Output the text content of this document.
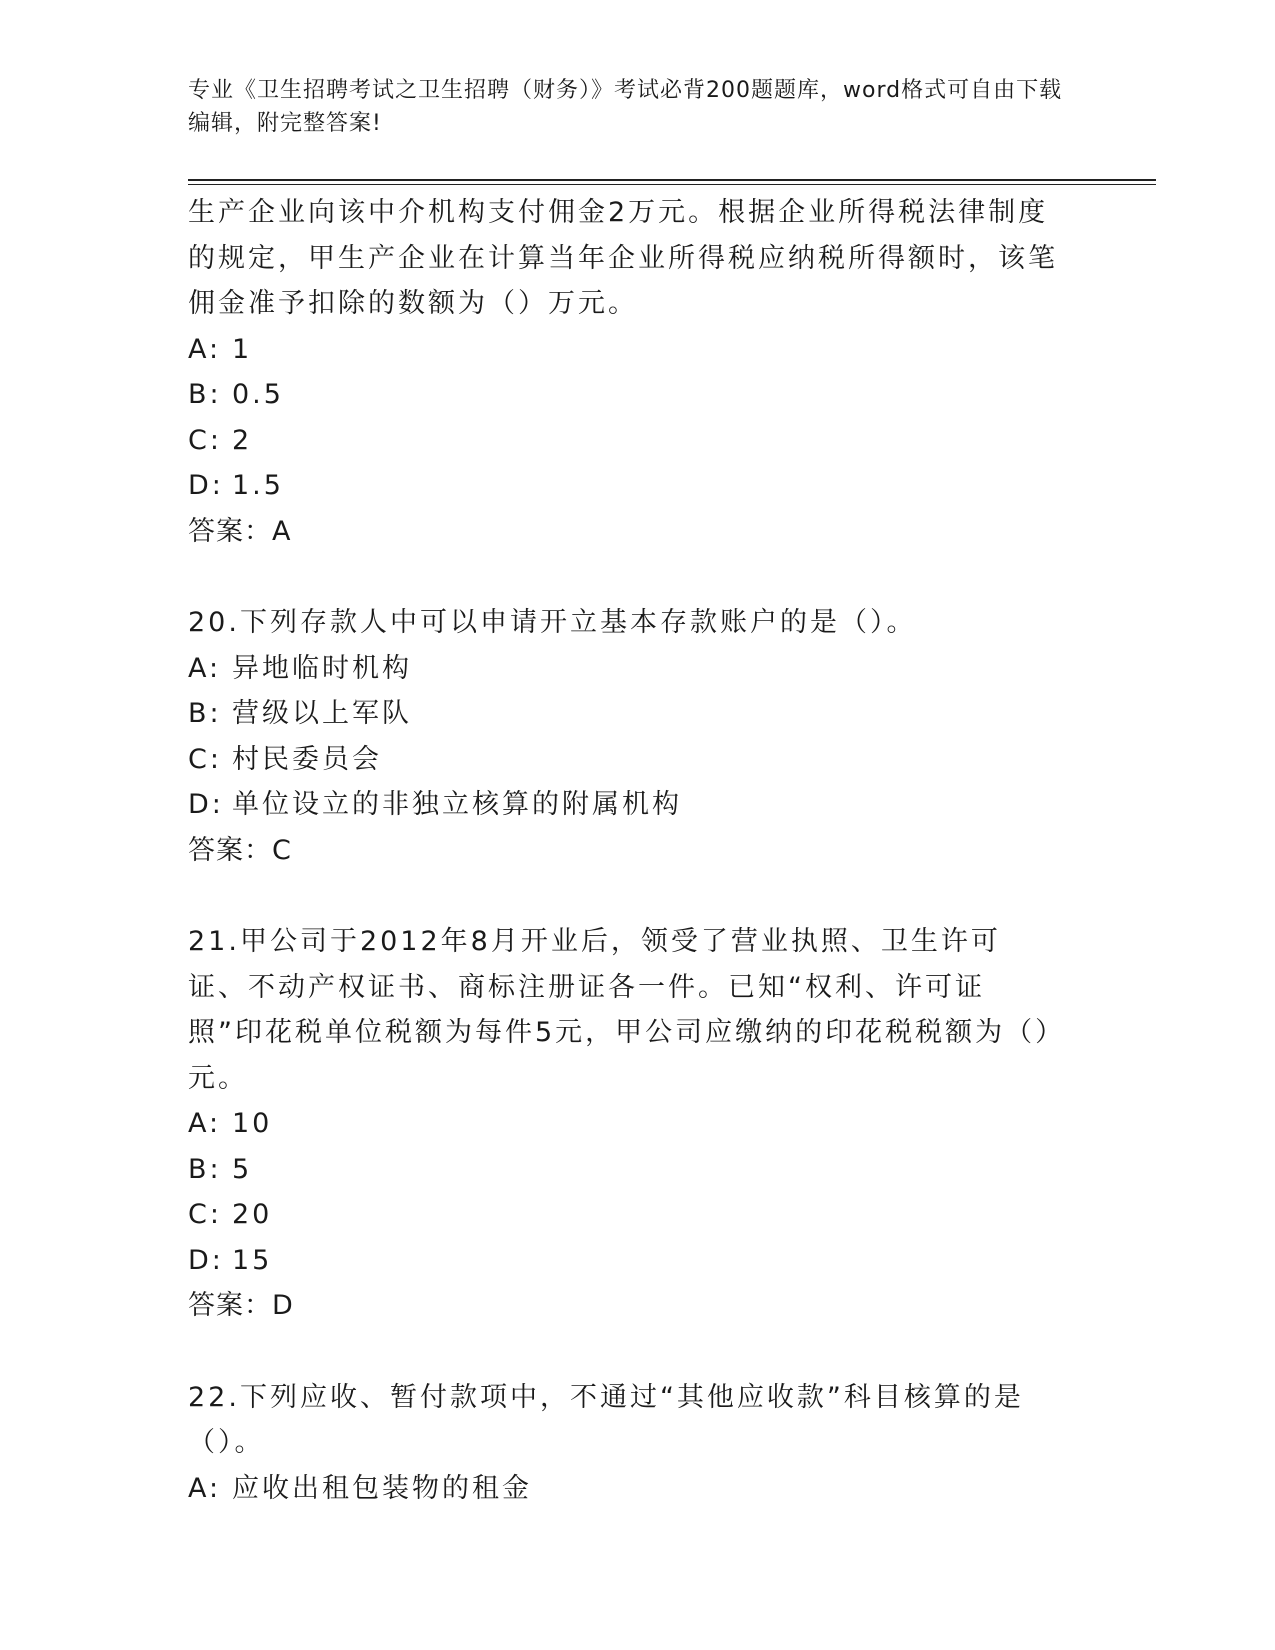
专业《卫生招聘考试之卫生招聘（财务）》考试必背200题题库，word格式可自由下载编辑，附完整答案!
生产企业向该中介机构支付佣金2万元。根据企业所得税法律制度的规定，甲生产企业在计算当年企业所得税应纳税所得额时，该笔佣金准予扣除的数额为（）万元。
A: 1
B: 0.5
C: 2
D: 1.5
答案：A
20.下列存款人中可以申请开立基本存款账户的是（）。
A: 异地临时机构
B: 营级以上军队
C: 村民委员会
D: 单位设立的非独立核算的附属机构
答案：C
21.甲公司于2012年8月开业后，领受了营业执照、卫生许可证、不动产权证书、商标注册证各一件。已知“权利、许可证照”印花税单位税额为每件5元，甲公司应缴纳的印花税税额为（）元。
A: 10
B: 5
C: 20
D: 15
答案：D
22.下列应收、暂付款项中，不通过“其他应收款”科目核算的是（）。
A: 应收出租包装物的租金
